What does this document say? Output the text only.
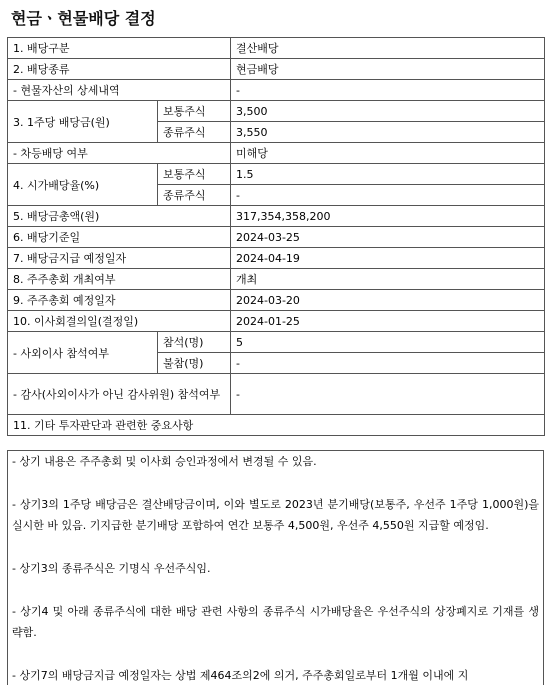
현금ㆍ현물배당 결정
1. 배당구분		결산배당
2. 배당종류		현금배당
- 현물자산의 상세내역		-
3. 1주당 배당금(원)	보통주식	3,500
	종류주식	3,550
- 차등배당 여부		미해당
4. 시가배당율(%)	보통주식	1.5
	종류주식	-
5. 배당금총액(원)		317,354,358,200
6. 배당기준일		2024-03-25
7. 배당금지급 예정일자		2024-04-19
8. 주주총회 개최여부		개최
9. 주주총회 예정일자		2024-03-20
10. 이사회결의일(결정일)		2024-01-25
- 사외이사 참석여부	참석(명)	5
	불참(명)	-
- 감사(사외이사가 아닌 감사위원) 참석여부		-
11. 기타 투자판단과 관련한 중요사항		
- 상기 내용은 주주총회 및 이사회 승인과정에서 변경될 수 있음.
- 상기3의 1주당 배당금은 결산배당금이며, 이와 별도로 2023년 분기배당(보통주, 우선주 1주당 1,000원)을 실시한 바 있음. 기지급한 분기배당 포함하여 연간 보통주 4,500원, 우선주 4,550원 지급할 예정임.
- 상기3의 종류주식은 기명식 우선주식임.
- 상기4 및 아래 종류주식에 대한 배당 관련 사항의 종류주식 시가배당율은 우선주식의 상장폐지로 기재를 생략함.
- 상기7의 배당금지급 예정일자는 상법 제464조의2에 의거, 주주총회일로부터 1개월 이내에 지
